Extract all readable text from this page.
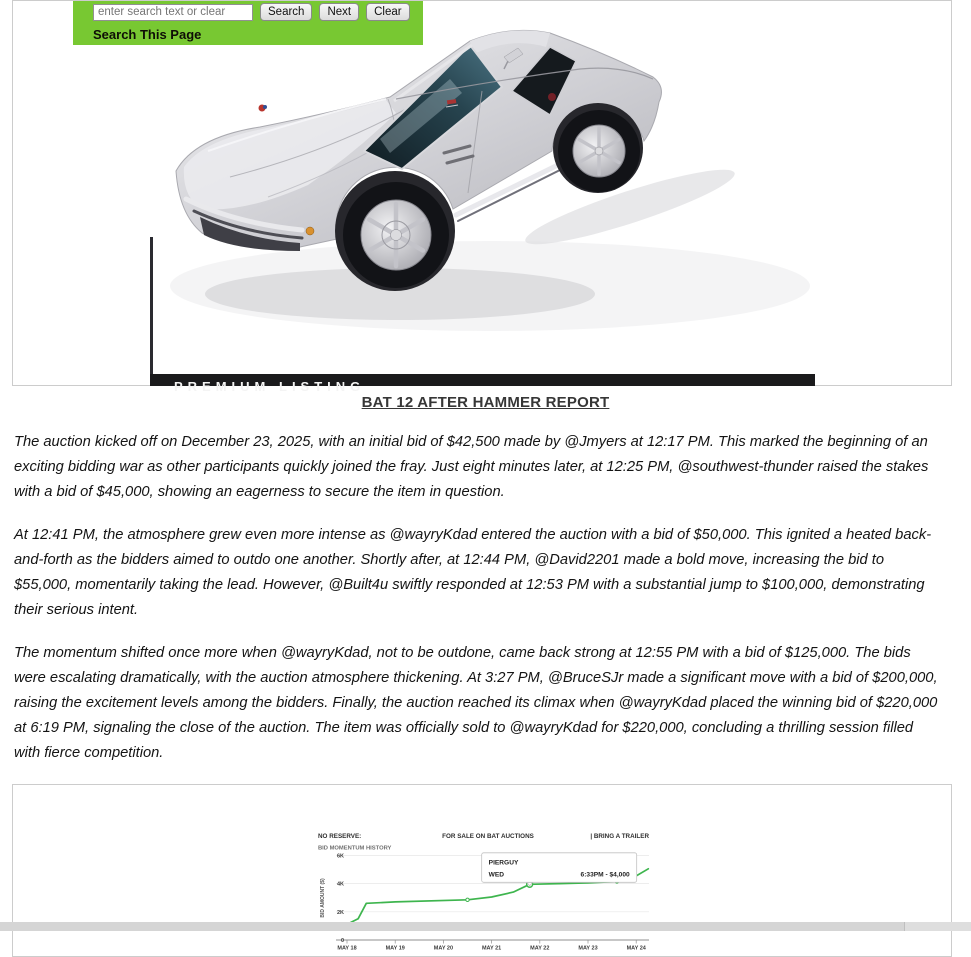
PREMIUM LISTING
enter search text or clear
Search	Next	Clear
Search This Page
BAT 12 AFTER HAMMER REPORT

The auction kicked off on December 23, 2025, with an initial bid of $42,500 made by @Jmyers at 12:17 PM. This marked the beginning of an exciting bidding war as other participants quickly joined the fray. Just eight minutes later, at 12:25 PM, @southwest-thunder raised the stakes with a bid of $45,000, showing an eagerness to secure the item in question.

At 12:41 PM, the atmosphere grew even more intense as @wayryKdad entered the auction with a bid of $50,000. This ignited a heated back-and-forth as the bidders aimed to outdo one another. Shortly after, at 12:44 PM, @David2201 made a bold move, increasing the bid to $55,000, momentarily taking the lead. However, @Built4u swiftly responded at 12:53 PM with a substantial jump to $100,000, demonstrating their serious intent.

The momentum shifted once more when @wayryKdad, not to be outdone, came back strong at 12:55 PM with a bid of $125,000. The bids were escalating dramatically, with the auction atmosphere thickening. At 3:27 PM, @BruceSJr made a significant move with a bid of $200,000, raising the excitement levels among the bidders. Finally, the auction reached its climax when @wayryKdad placed the winning bid of $220,000 at 6:19 PM, signaling the close of the auction. The item was officially sold to @wayryKdad for $220,000, concluding a thrilling session filled with fierce competition.

NO RESERVE:	FOR SALE ON BAT AUCTIONS	| BRING A TRAILER
BID MOMENTUM HISTORY
BID AMOUNT ($)
0
2K
4K
6K
MAY 18	MAY 19	MAY 20	MAY 21	MAY 22	MAY 23	MAY 24
PIERGUY
WED	6:33PM - $4,000
